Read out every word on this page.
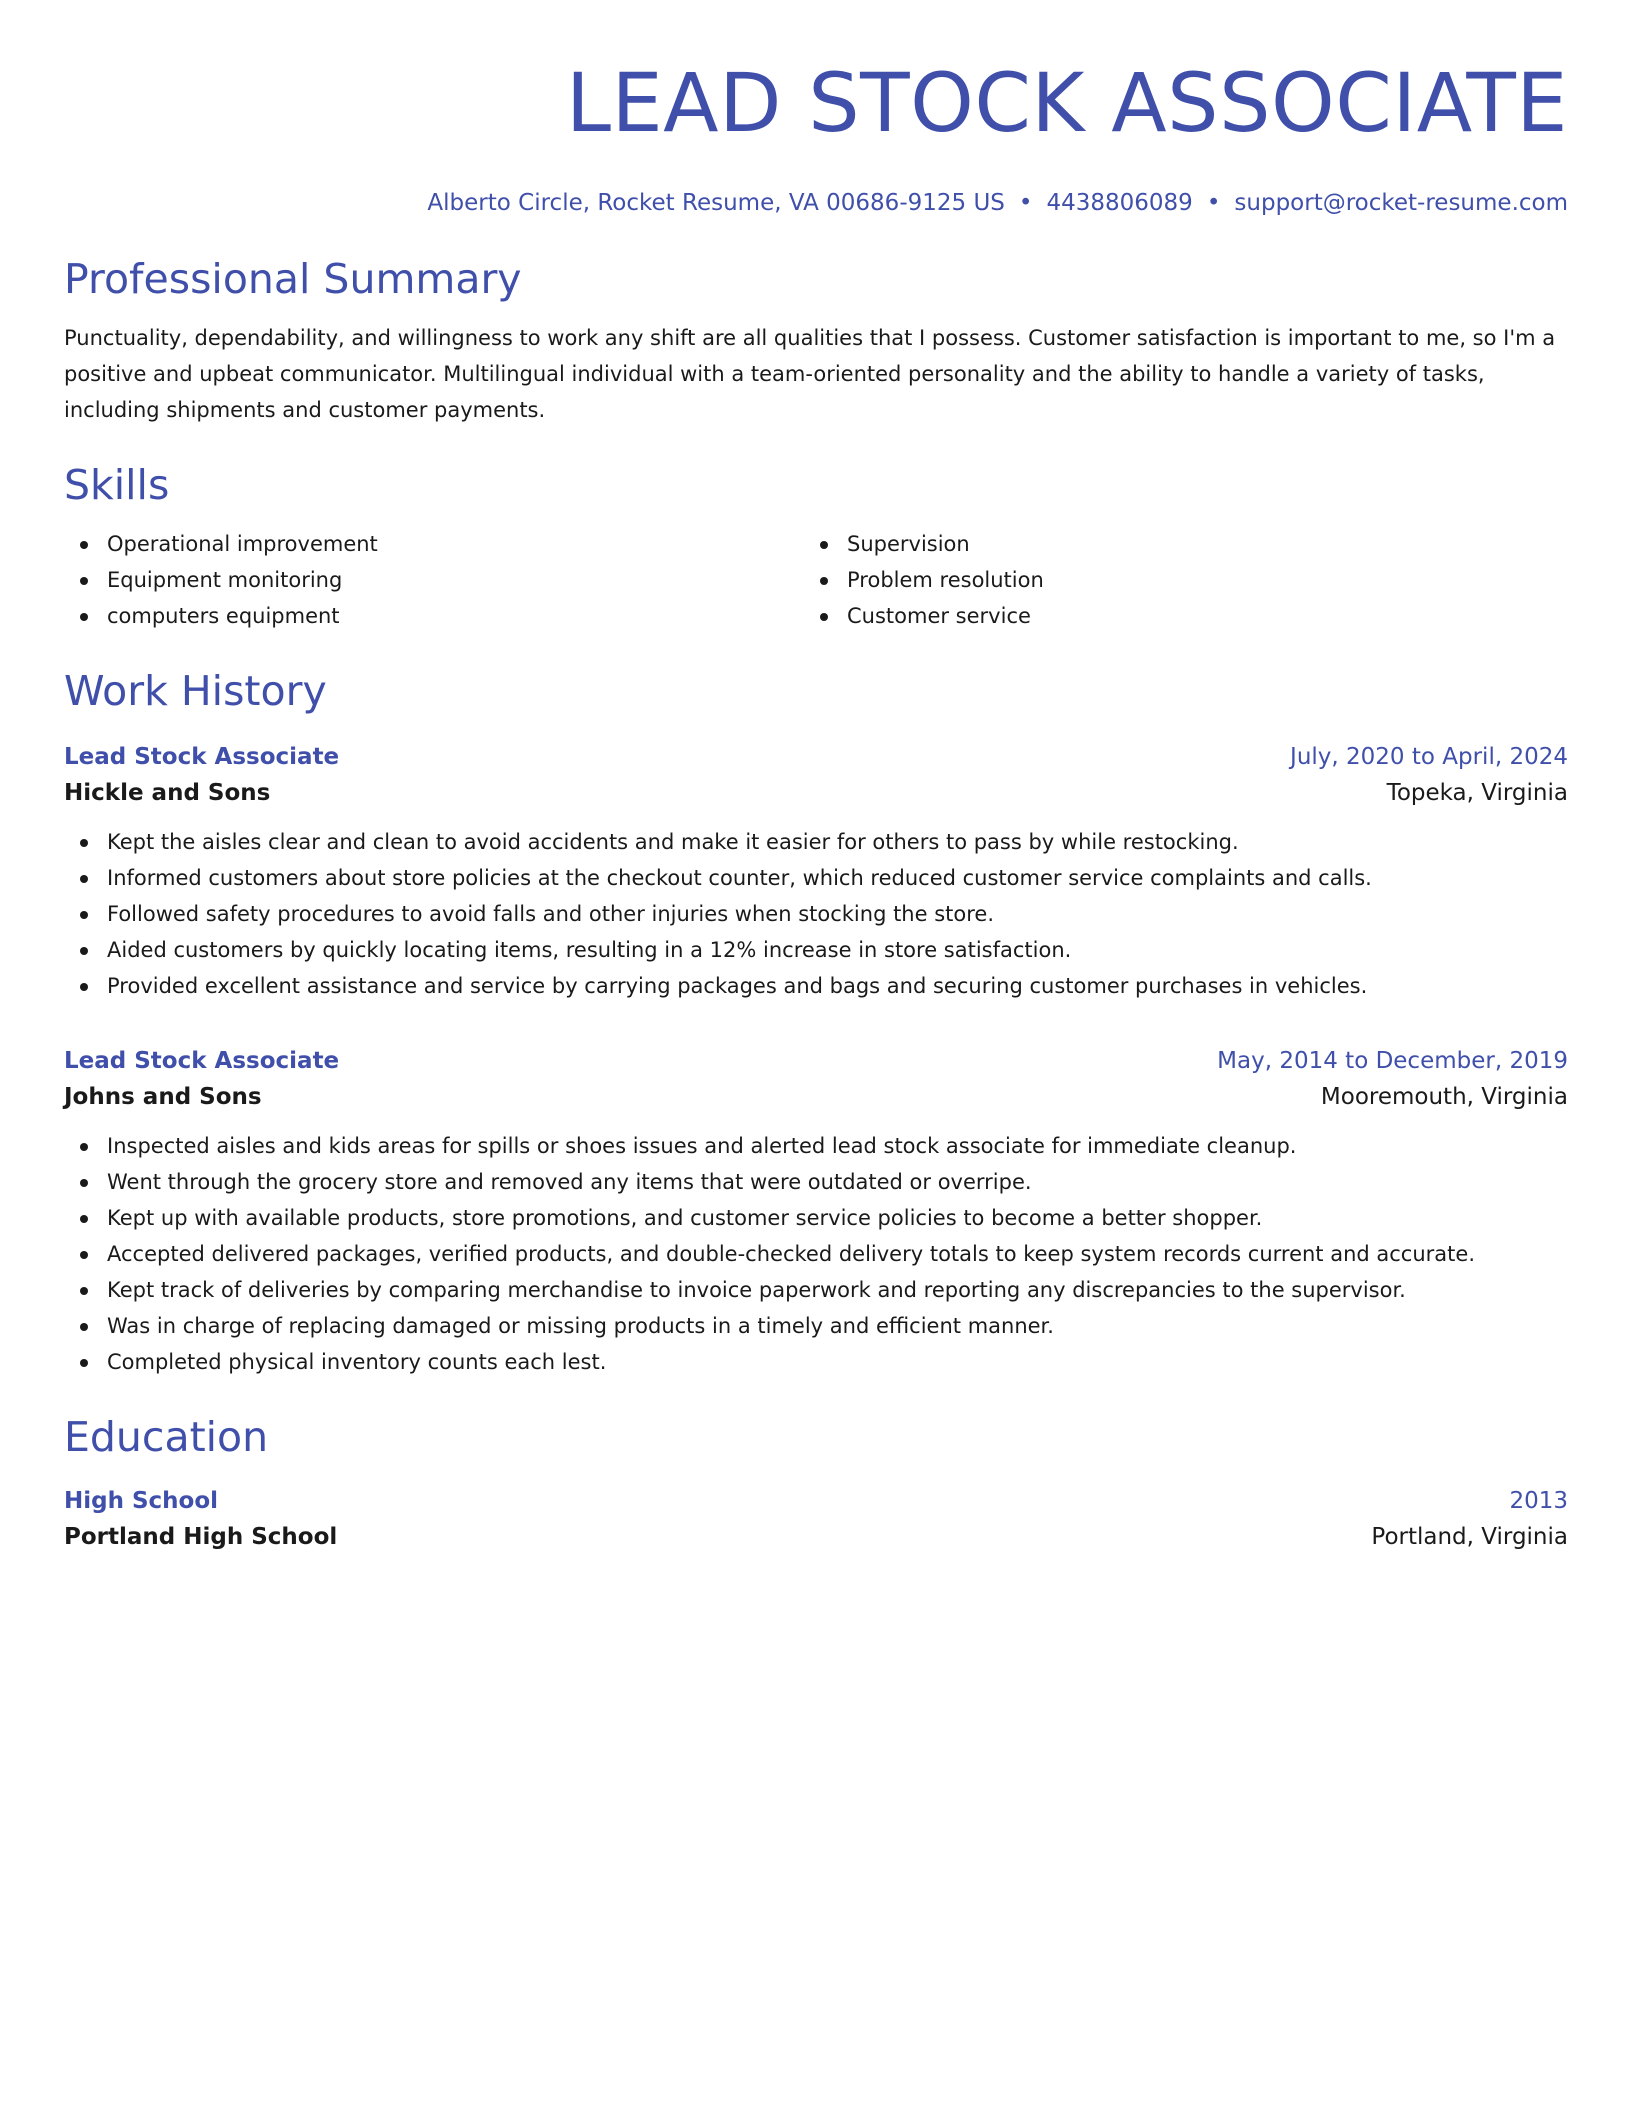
LEAD STOCK ASSOCIATE
Alberto Circle, Rocket Resume, VA 00686-9125 US • 4438806089 • support@rocket-resume.com
Professional Summary

Punctuality, dependability, and willingness to work any shift are all qualities that I possess. Customer satisfaction is important to me, so I'm a positive and upbeat communicator. Multilingual individual with a team-oriented personality and the ability to handle a variety of tasks, including shipments and customer payments.

Skills
Operational improvement
Equipment monitoring
computers equipment
Supervision
Problem resolution
Customer service
Work History
Lead Stock Associate	July, 2020 to April, 2024
Hickle and Sons	Topeka, Virginia
Kept the aisles clear and clean to avoid accidents and make it easier for others to pass by while restocking.
Informed customers about store policies at the checkout counter, which reduced customer service complaints and calls.
Followed safety procedures to avoid falls and other injuries when stocking the store.
Aided customers by quickly locating items, resulting in a 12% increase in store satisfaction.
Provided excellent assistance and service by carrying packages and bags and securing customer purchases in vehicles.
Lead Stock Associate	May, 2014 to December, 2019
Johns and Sons	Mooremouth, Virginia
Inspected aisles and kids areas for spills or shoes issues and alerted lead stock associate for immediate cleanup.
Went through the grocery store and removed any items that were outdated or overripe.
Kept up with available products, store promotions, and customer service policies to become a better shopper.
Accepted delivered packages, verified products, and double-checked delivery totals to keep system records current and accurate.
Kept track of deliveries by comparing merchandise to invoice paperwork and reporting any discrepancies to the supervisor.
Was in charge of replacing damaged or missing products in a timely and efficient manner.
Completed physical inventory counts each lest.
Education
High School	2013
Portland High School	Portland, Virginia
